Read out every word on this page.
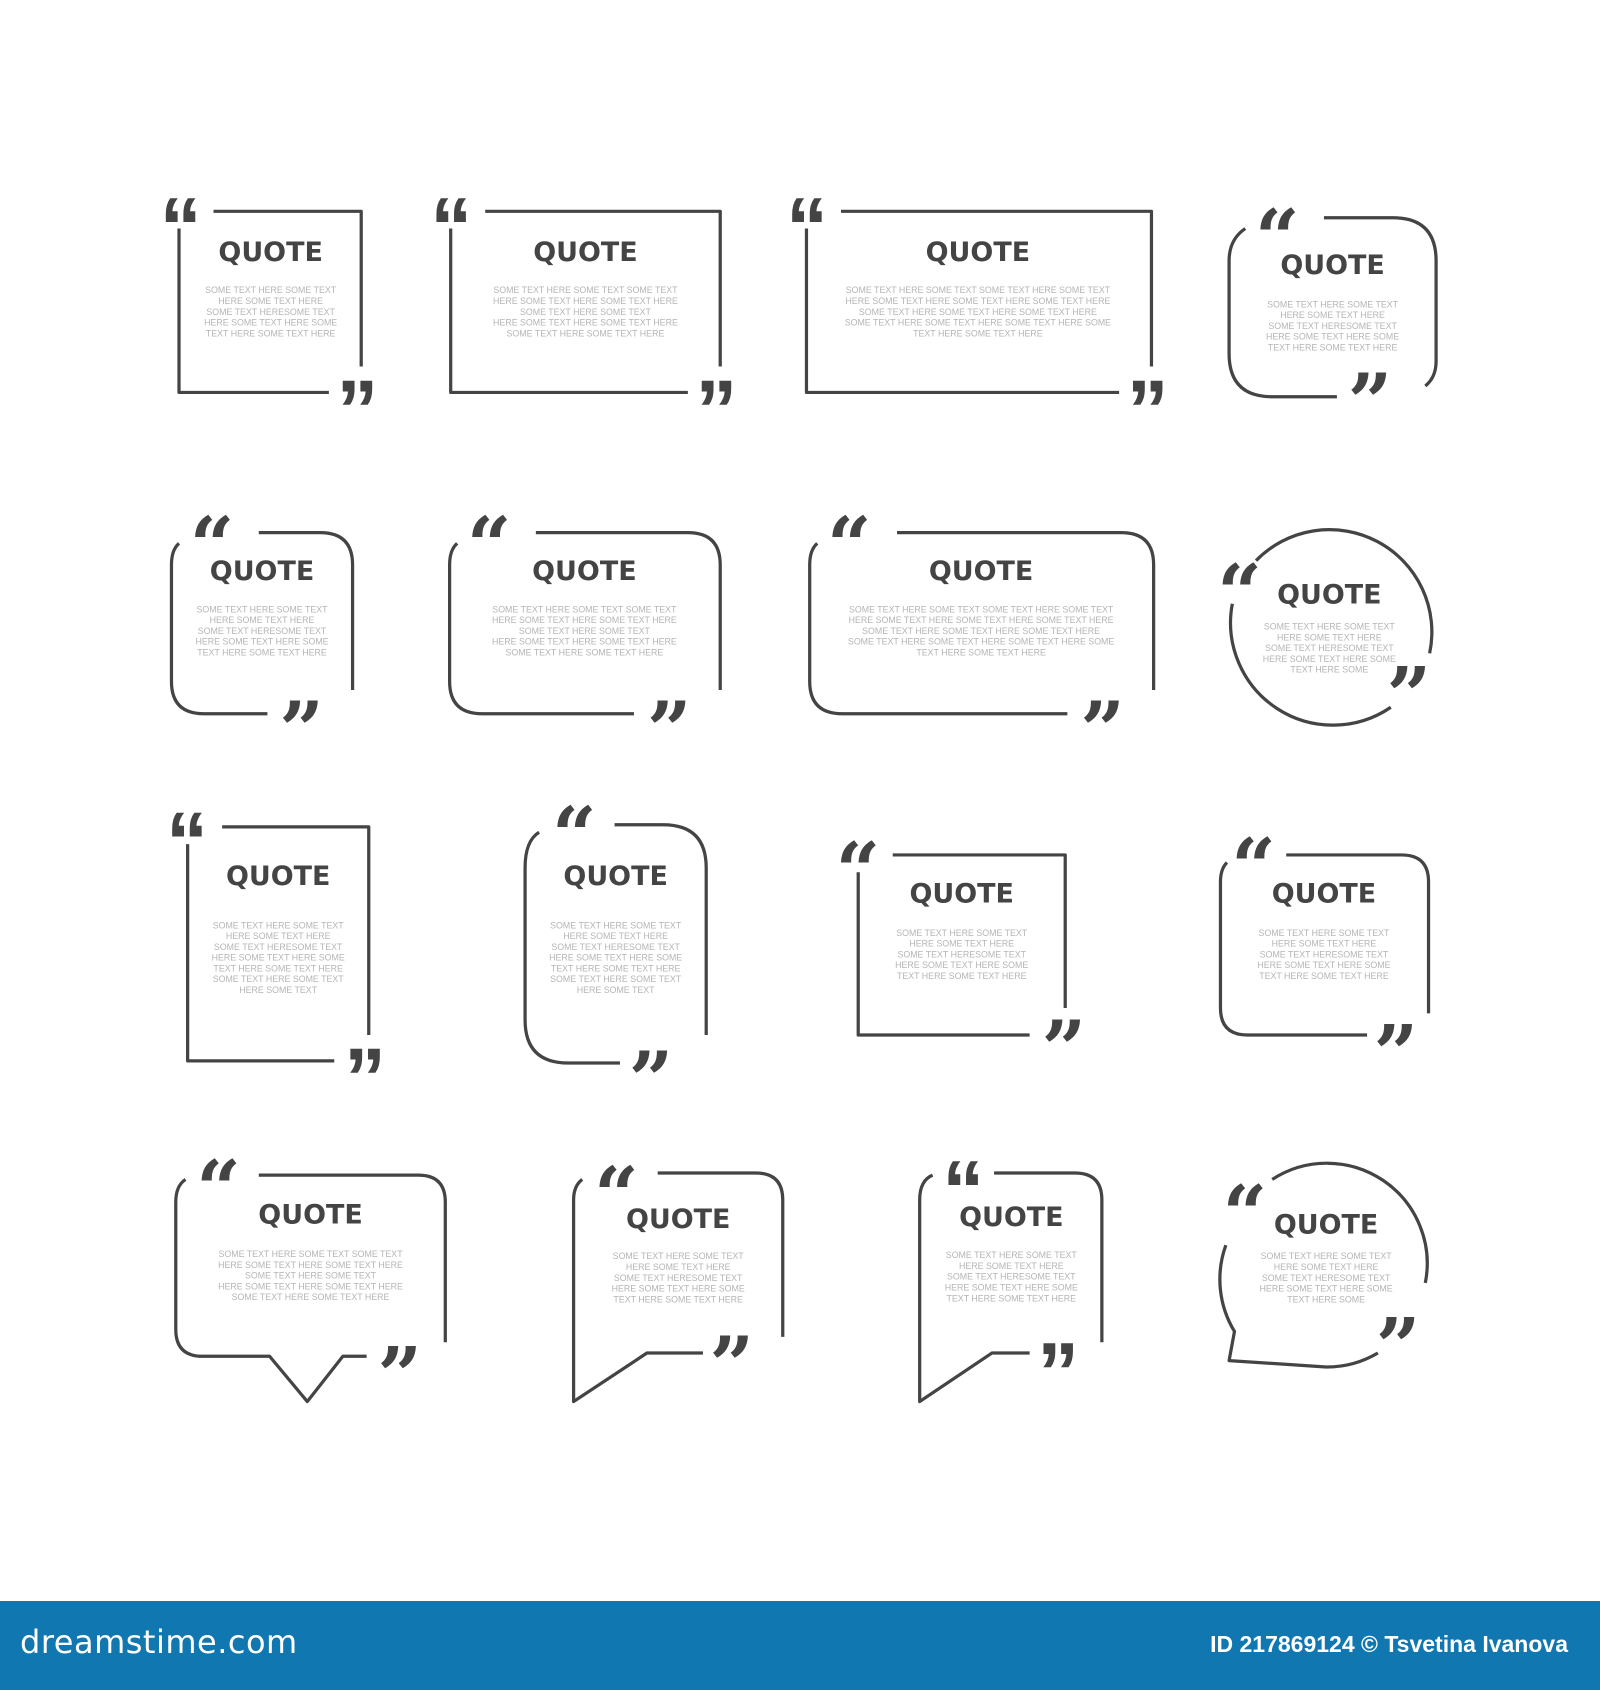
“
”
QUOTE
SOME TEXT HERE SOME TEXT
HERE SOME TEXT HERE
SOME TEXT HERESOME TEXT
HERE SOME TEXT HERE SOME
TEXT HERE SOME TEXT HERE
“
”
QUOTE
SOME TEXT HERE SOME TEXT SOME TEXT
HERE SOME TEXT HERE SOME TEXT HERE
SOME TEXT HERE SOME TEXT
HERE SOME TEXT HERE SOME TEXT HERE
SOME TEXT HERE SOME TEXT HERE
“
”
QUOTE
SOME TEXT HERE SOME TEXT SOME TEXT HERE SOME TEXT
HERE SOME TEXT HERE SOME TEXT HERE SOME TEXT HERE
SOME TEXT HERE SOME TEXT HERE SOME TEXT HERE
SOME TEXT HERE SOME TEXT HERE SOME TEXT HERE SOME
TEXT HERE SOME TEXT HERE
“
”
QUOTE
SOME TEXT HERE SOME TEXT
HERE SOME TEXT HERE
SOME TEXT HERESOME TEXT
HERE SOME TEXT HERE SOME
TEXT HERE SOME TEXT HERE
“
”
QUOTE
SOME TEXT HERE SOME TEXT
HERE SOME TEXT HERE
SOME TEXT HERESOME TEXT
HERE SOME TEXT HERE SOME
TEXT HERE SOME TEXT HERE
“
”
QUOTE
SOME TEXT HERE SOME TEXT SOME TEXT
HERE SOME TEXT HERE SOME TEXT HERE
SOME TEXT HERE SOME TEXT
HERE SOME TEXT HERE SOME TEXT HERE
SOME TEXT HERE SOME TEXT HERE
“
”
QUOTE
SOME TEXT HERE SOME TEXT SOME TEXT HERE SOME TEXT
HERE SOME TEXT HERE SOME TEXT HERE SOME TEXT HERE
SOME TEXT HERE SOME TEXT HERE SOME TEXT HERE
SOME TEXT HERE SOME TEXT HERE SOME TEXT HERE SOME
TEXT HERE SOME TEXT HERE
“
”
QUOTE
SOME TEXT HERE SOME TEXT
HERE SOME TEXT HERE
SOME TEXT HERESOME TEXT
HERE SOME TEXT HERE SOME
TEXT HERE SOME
“
”
QUOTE
SOME TEXT HERE SOME TEXT
HERE SOME TEXT HERE
SOME TEXT HERESOME TEXT
HERE SOME TEXT HERE SOME
TEXT HERE SOME TEXT HERE
SOME TEXT HERE SOME TEXT
HERE SOME TEXT
“
”
QUOTE
SOME TEXT HERE SOME TEXT
HERE SOME TEXT HERE
SOME TEXT HERESOME TEXT
HERE SOME TEXT HERE SOME
TEXT HERE SOME TEXT HERE
SOME TEXT HERE SOME TEXT
HERE SOME TEXT
“
”
QUOTE
SOME TEXT HERE SOME TEXT
HERE SOME TEXT HERE
SOME TEXT HERESOME TEXT
HERE SOME TEXT HERE SOME
TEXT HERE SOME TEXT HERE
“
”
QUOTE
SOME TEXT HERE SOME TEXT
HERE SOME TEXT HERE
SOME TEXT HERESOME TEXT
HERE SOME TEXT HERE SOME
TEXT HERE SOME TEXT HERE
“
”
QUOTE
SOME TEXT HERE SOME TEXT SOME TEXT
HERE SOME TEXT HERE SOME TEXT HERE
SOME TEXT HERE SOME TEXT
HERE SOME TEXT HERE SOME TEXT HERE
SOME TEXT HERE SOME TEXT HERE
“
”
QUOTE
SOME TEXT HERE SOME TEXT
HERE SOME TEXT HERE
SOME TEXT HERESOME TEXT
HERE SOME TEXT HERE SOME
TEXT HERE SOME TEXT HERE
“
”
QUOTE
SOME TEXT HERE SOME TEXT
HERE SOME TEXT HERE
SOME TEXT HERESOME TEXT
HERE SOME TEXT HERE SOME
TEXT HERE SOME TEXT HERE
“
”
QUOTE
SOME TEXT HERE SOME TEXT
HERE SOME TEXT HERE
SOME TEXT HERESOME TEXT
HERE SOME TEXT HERE SOME
TEXT HERE SOME
dreamstime.com	ID 217869124 © Tsvetina Ivanova
